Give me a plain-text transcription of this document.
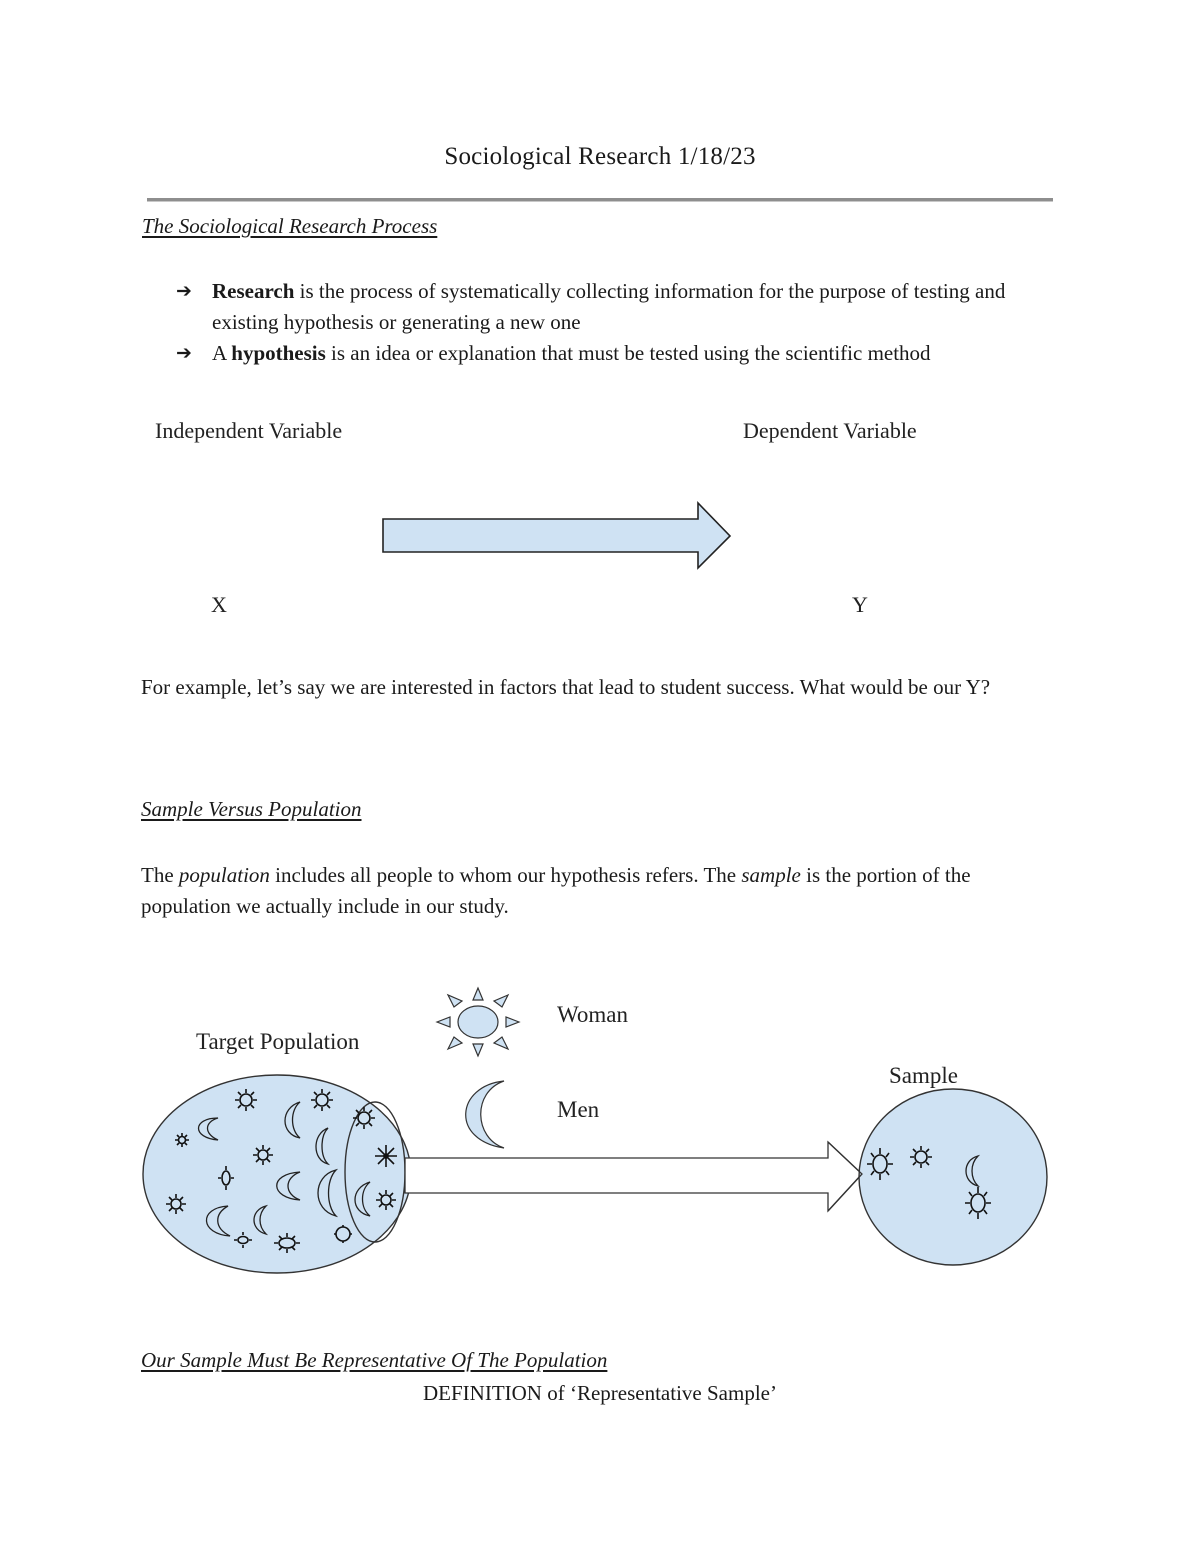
Sociological Research 1/18/23
The Sociological Research Process
➔ Research is the process of systematically collecting information for the purpose of testing and existing hypothesis or generating a new one
➔ A hypothesis is an idea or explanation that must be tested using the scientific method
Independent Variable	Dependent Variable
X	Y
For example, let’s say we are interested in factors that lead to student success. What would be our Y?
Sample Versus Population
The population includes all people to whom our hypothesis refers. The sample is the portion of the population we actually include in our study.
Target Population
Woman
Men
Sample
Our Sample Must Be Representative Of The Population
DEFINITION of ‘Representative Sample’
